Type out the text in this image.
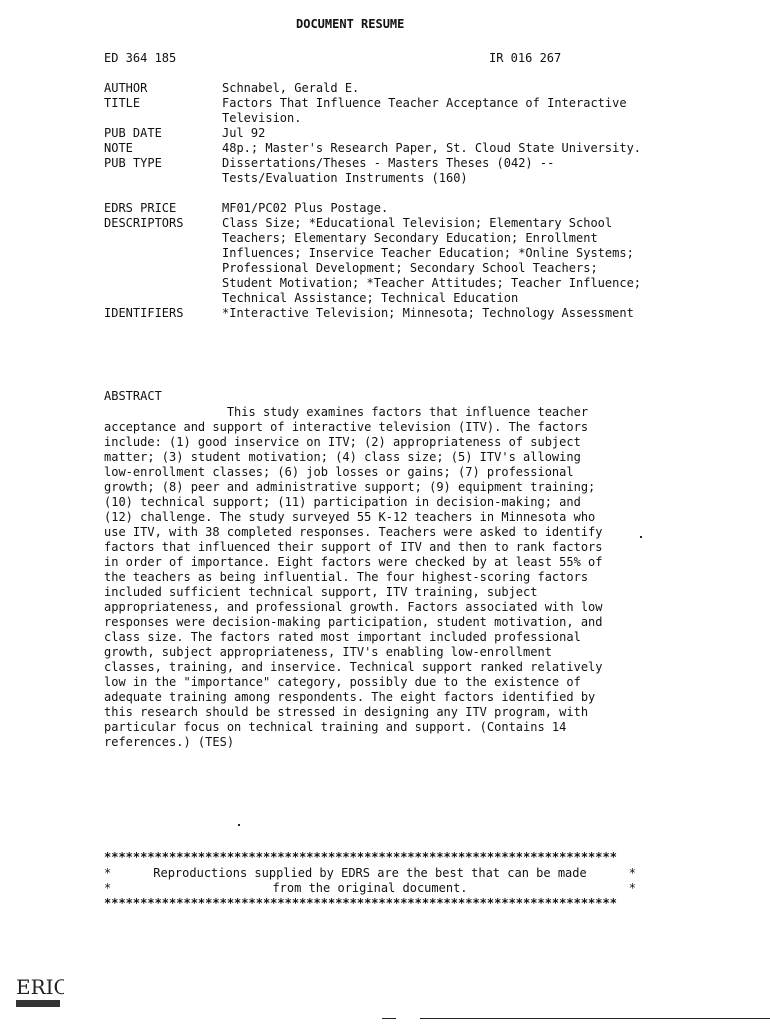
DOCUMENT RESUME
ED 364 185	IR 016 267
AUTHOR	Schnabel, Gerald E.
TITLE	Factors That Influence Teacher Acceptance of Interactive Television.
PUB DATE	Jul 92
NOTE	48p.; Master's Research Paper, St. Cloud State University.
PUB TYPE	Dissertations/Theses - Masters Theses (042) -- Tests/Evaluation Instruments (160)
EDRS PRICE	MF01/PC02 Plus Postage.
DESCRIPTORS	Class Size; *Educational Television; Elementary School Teachers; Elementary Secondary Education; Enrollment Influences; Inservice Teacher Education; *Online Systems; Professional Development; Secondary School Teachers; Student Motivation; *Teacher Attitudes; Teacher Influence; Technical Assistance; Technical Education
IDENTIFIERS	*Interactive Television; Minnesota; Technology Assessment
ABSTRACT
This study examines factors that influence teacher
acceptance and support of interactive television (ITV). The factors
include: (1) good inservice on ITV; (2) appropriateness of subject
matter; (3) student motivation; (4) class size; (5) ITV's allowing
low-enrollment classes; (6) job losses or gains; (7) professional
growth; (8) peer and administrative support; (9) equipment training;
(10) technical support; (11) participation in decision-making; and
(12) challenge. The study surveyed 55 K-12 teachers in Minnesota who
use ITV, with 38 completed responses. Teachers were asked to identify
factors that influenced their support of ITV and then to rank factors
in order of importance. Eight factors were checked by at least 55% of
the teachers as being influential. The four highest-scoring factors
included sufficient technical support, ITV training, subject
appropriateness, and professional growth. Factors associated with low
responses were decision-making participation, student motivation, and
class size. The factors rated most important included professional
growth, subject appropriateness, ITV's enabling low-enrollment
classes, training, and inservice. Technical support ranked relatively
low in the "importance" category, possibly due to the existence of
adequate training among respondents. The eight factors identified by
this research should be stressed in designing any ITV program, with
particular focus on technical training and support. (Contains 14
references.) (TES)
***********************************************************************
*	Reproductions supplied by EDRS are the best that can be made	*
*	from the original document.	*
***********************************************************************
ERIC
